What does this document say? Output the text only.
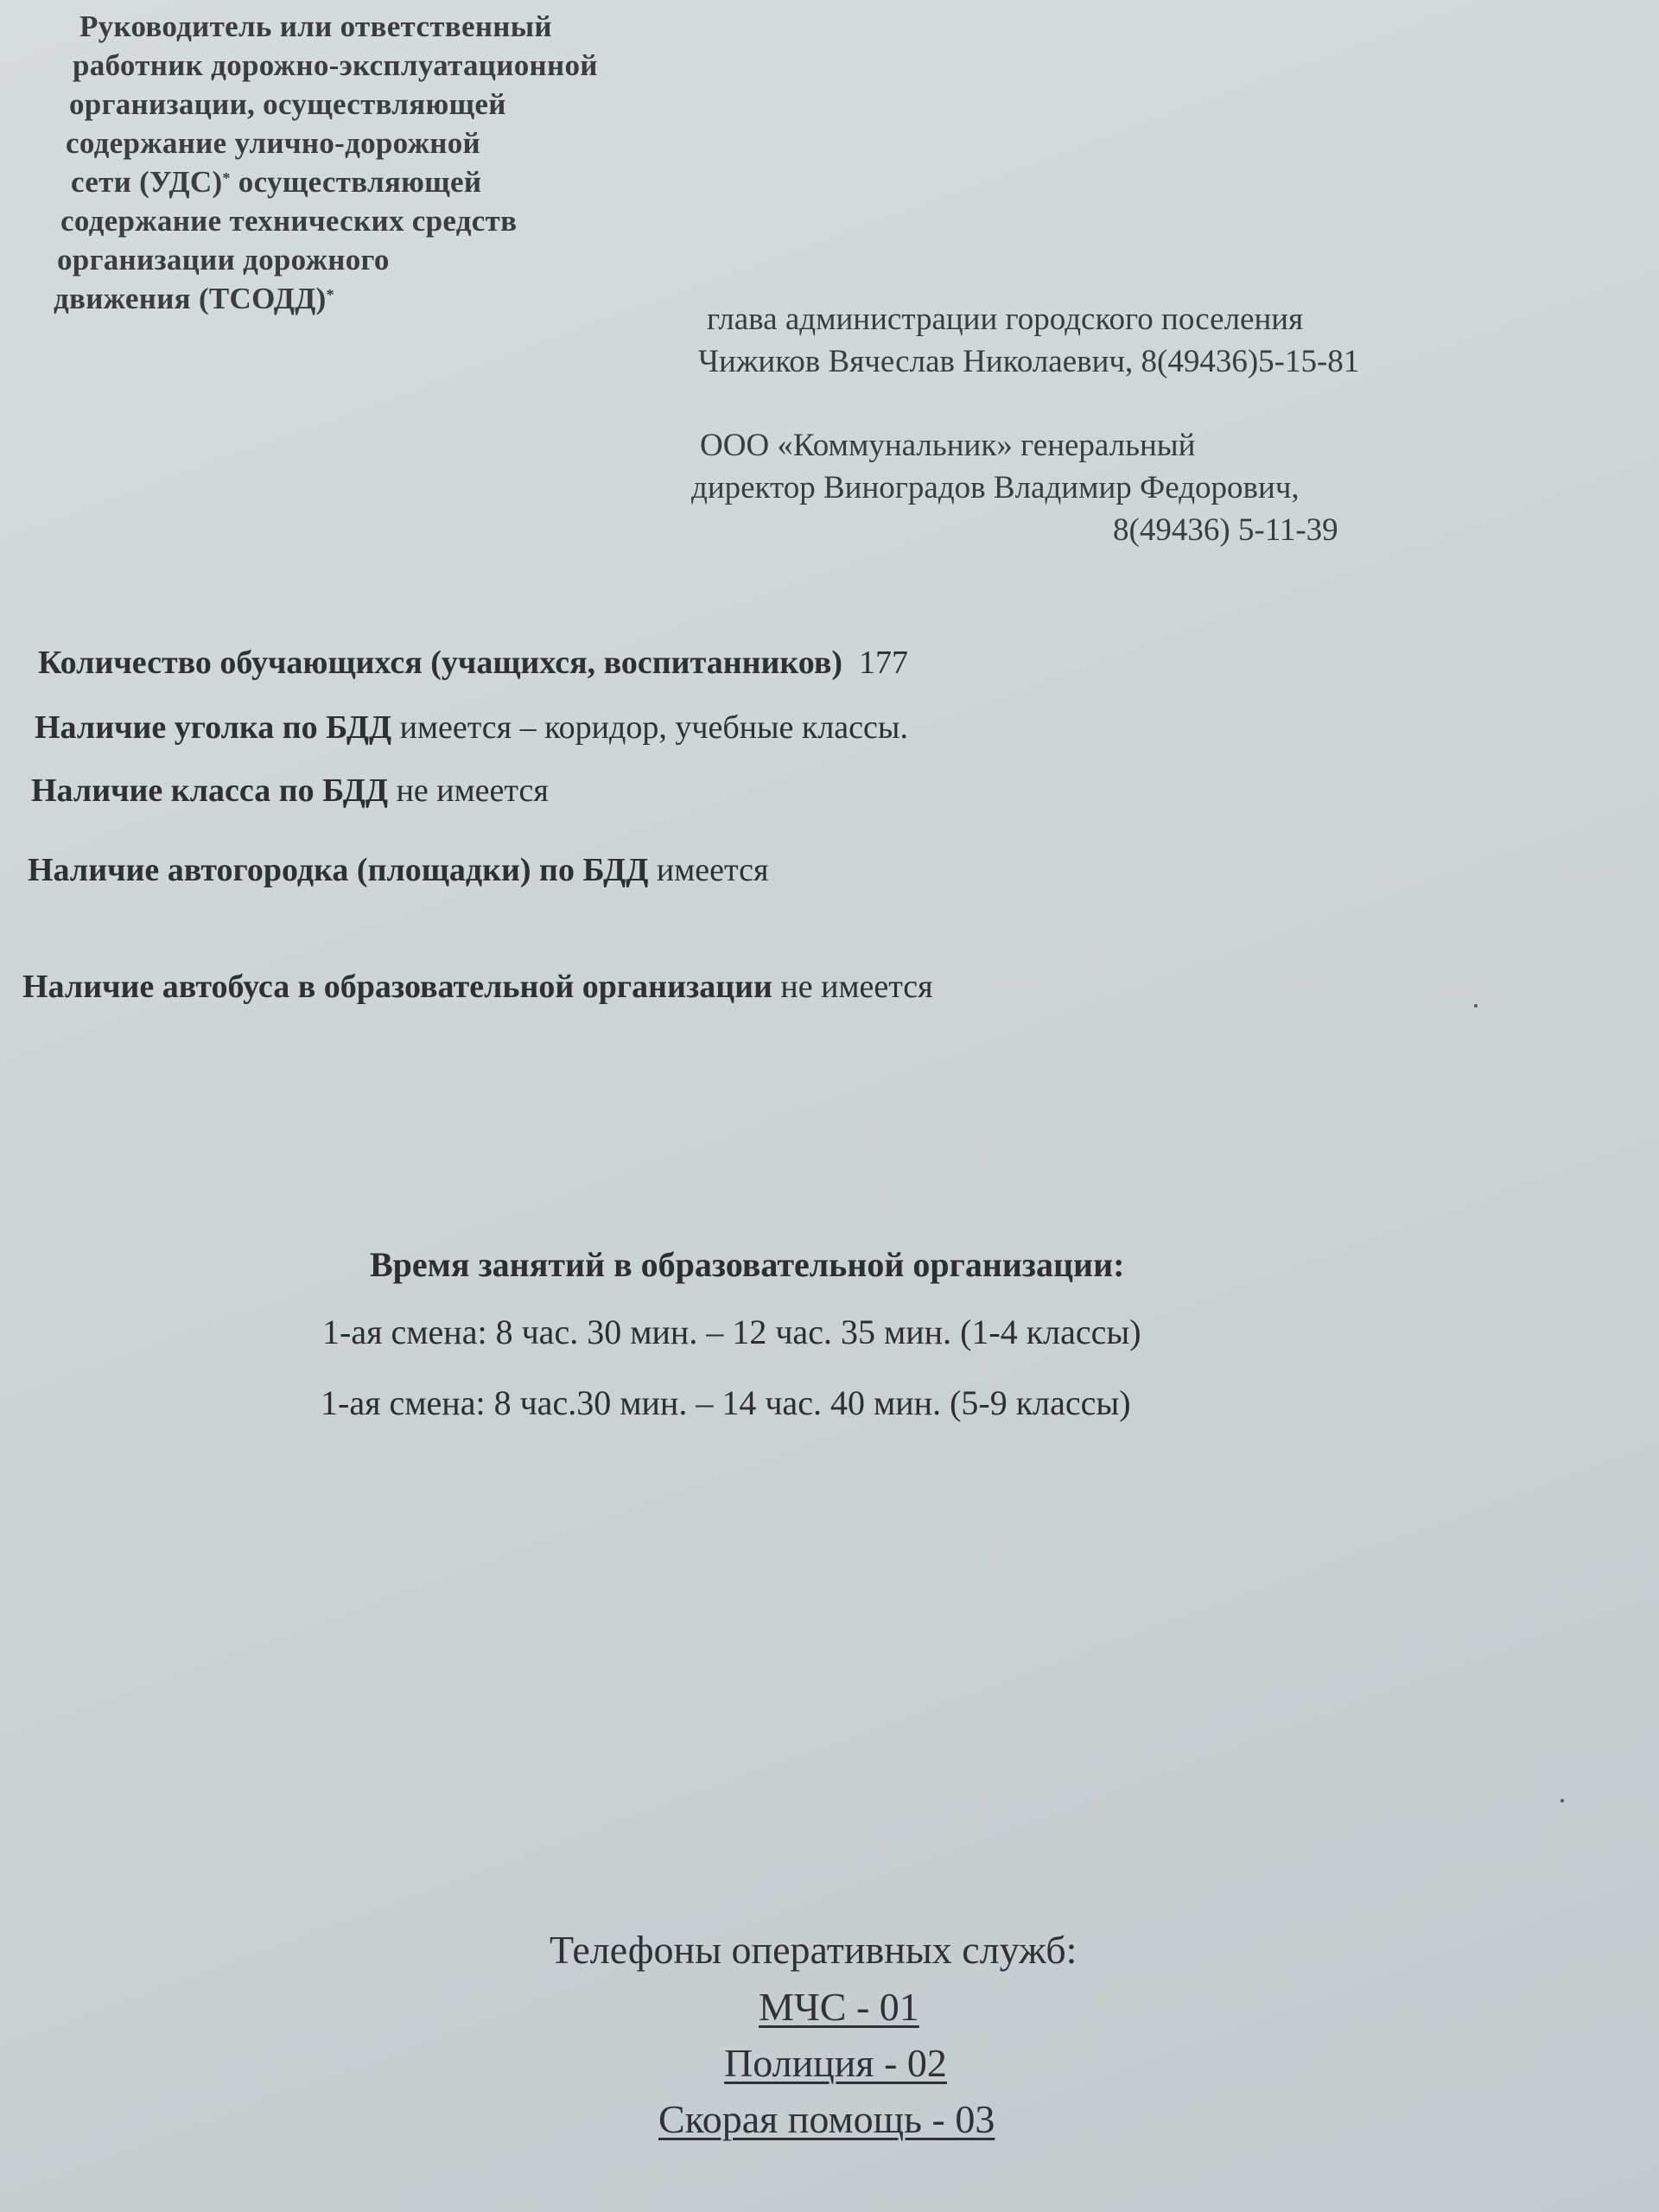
Руководитель или ответственный
работник дорожно-эксплуатационной
организации, осуществляющей
содержание улично-дорожной
сети (УДС)* осуществляющей
содержание технических средств
организации дорожного
движения (ТСОДД)*
глава администрации городского поселения
Чижиков Вячеслав Николаевич, 8(49436)5-15-81
ООО «Коммунальник» генеральный
директор Виноградов Владимир Федорович,
8(49436) 5-11-39
Количество обучающихся (учащихся, воспитанников) 177
Наличие уголка по БДД имеется – коридор, учебные классы.
Наличие класса по БДД не имеется
Наличие автогородка (площадки) по БДД имеется
Наличие автобуса в образовательной организации не имеется
Время занятий в образовательной организации:
1-ая смена: 8 час. 30 мин. – 12 час. 35 мин. (1-4 классы)
1-ая смена: 8 час.30 мин. – 14 час. 40 мин. (5-9 классы)
Телефоны оперативных служб:
МЧС - 01
Полиция - 02
Скорая помощь - 03
